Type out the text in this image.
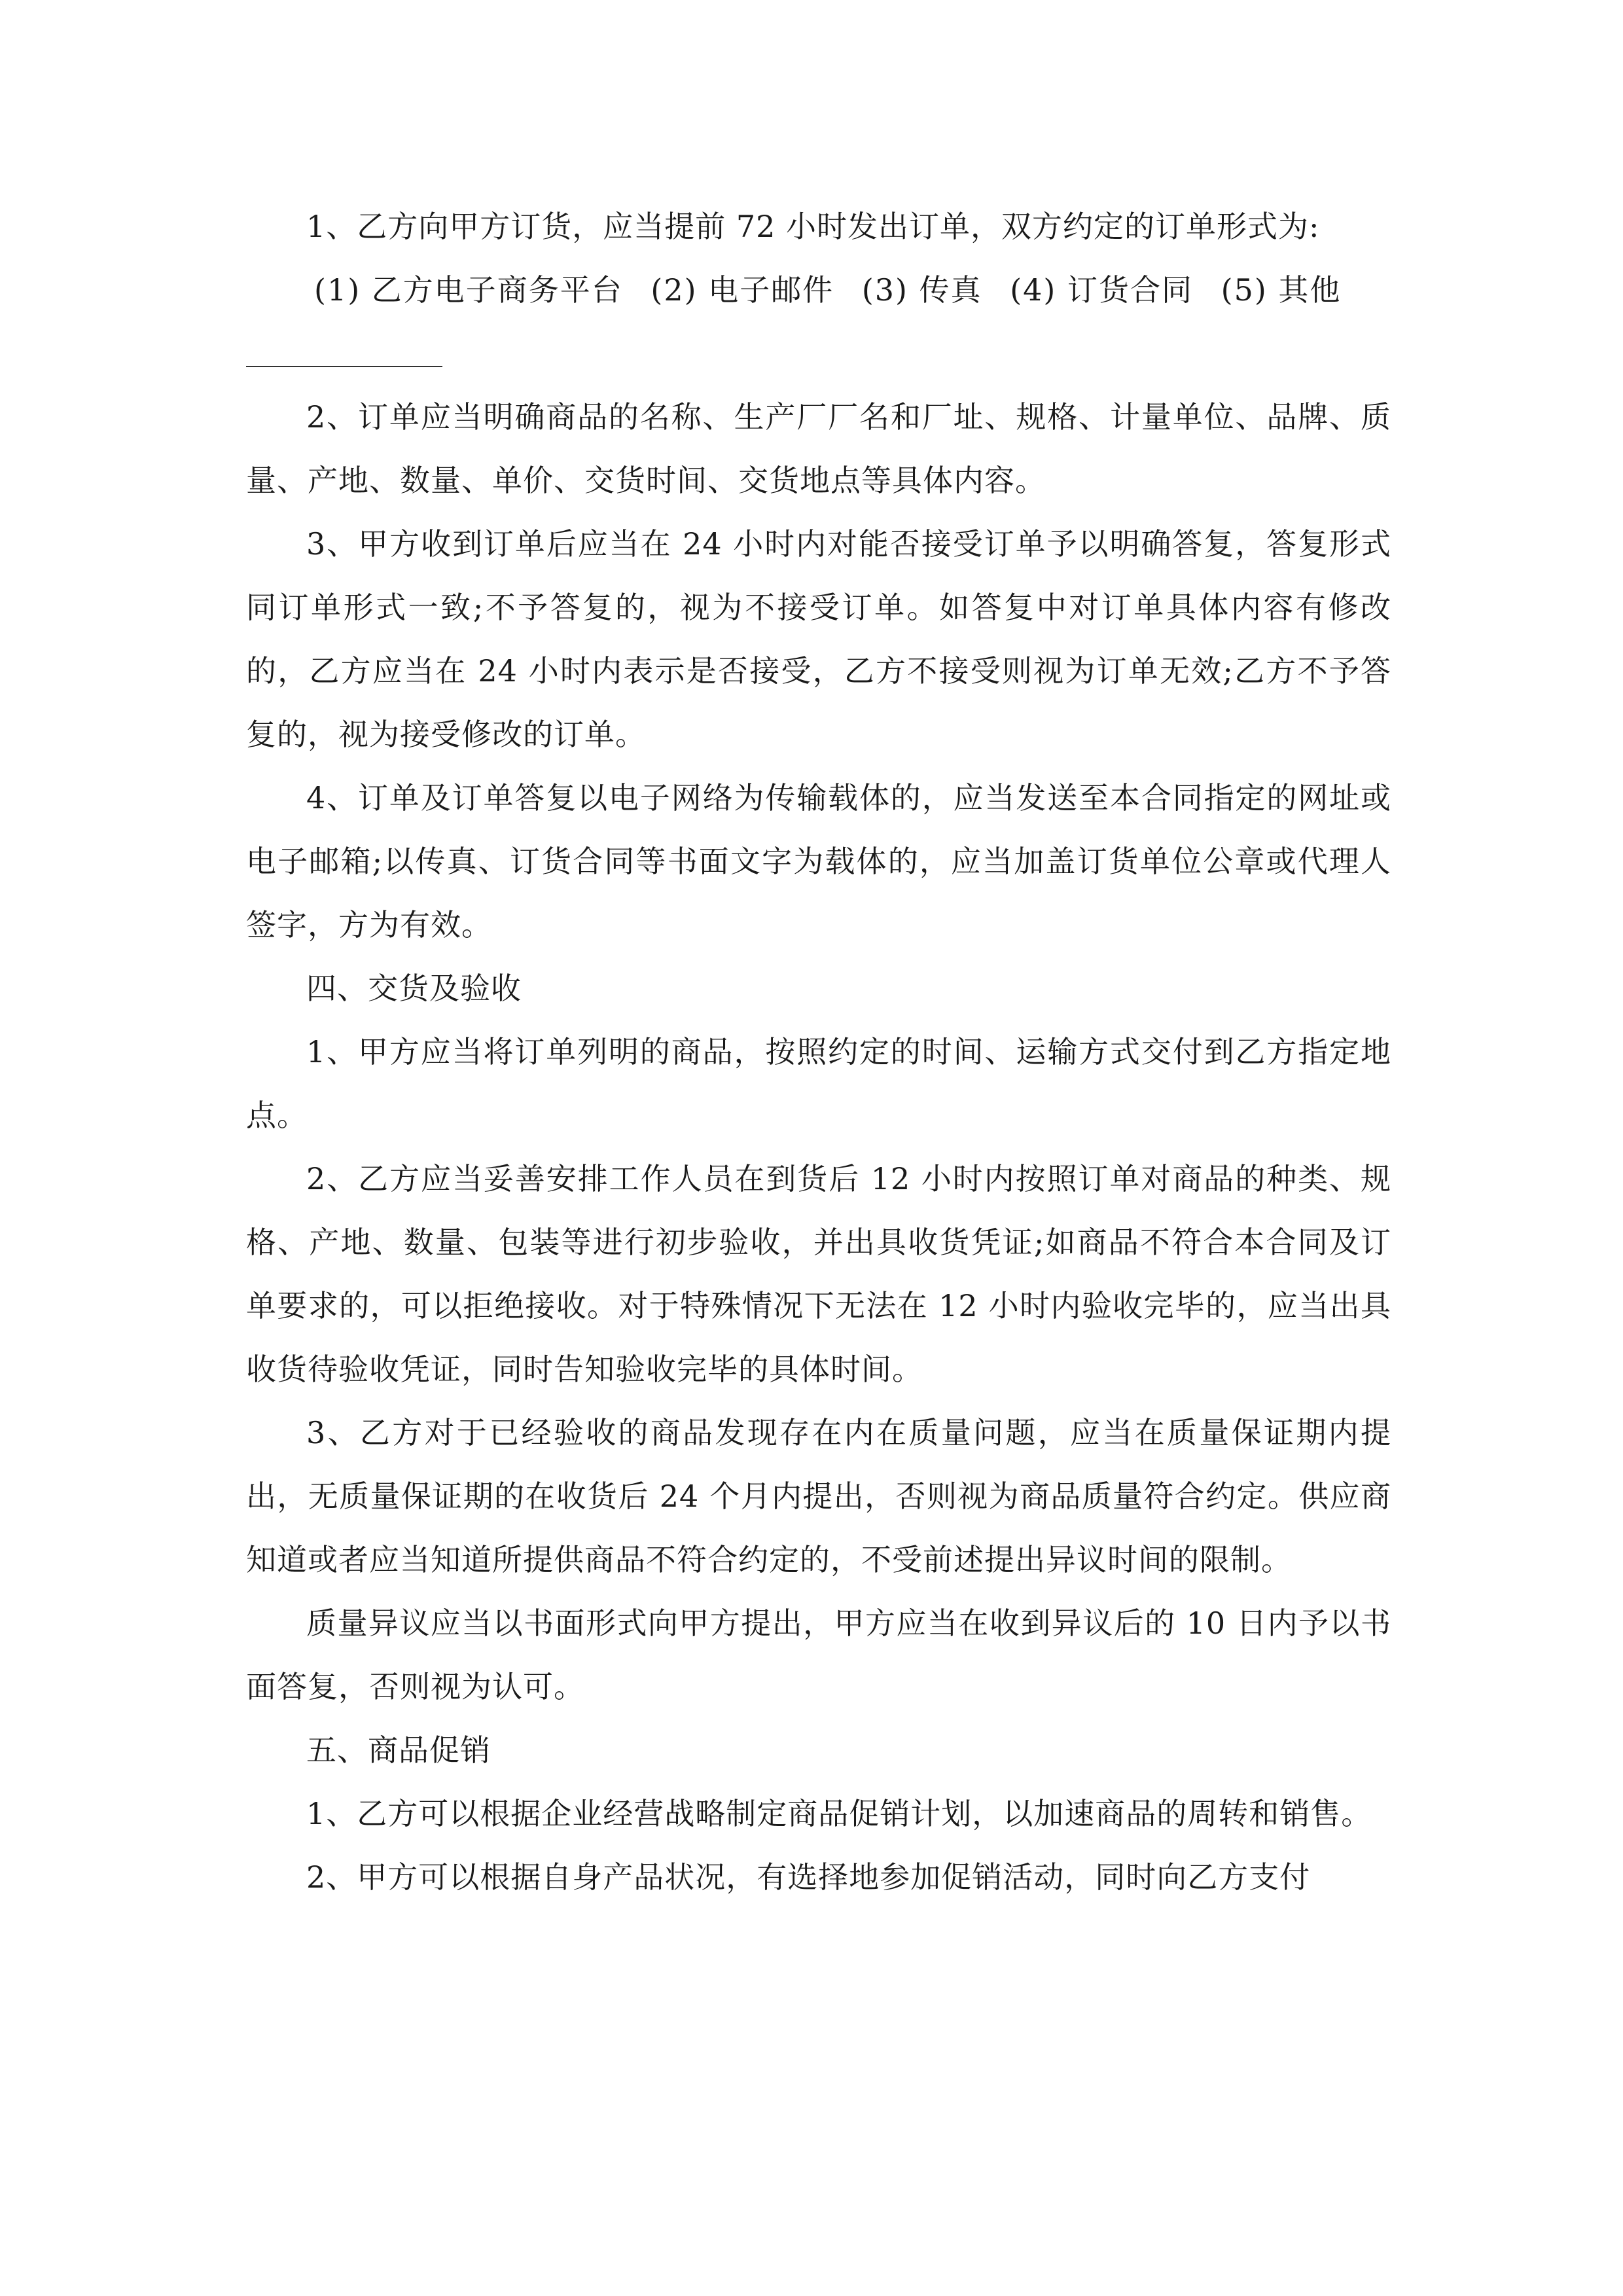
1、乙方向甲方订货，应当提前 72 小时发出订单，双方约定的订单形式为:

(1) 乙方电子商务平台 (2) 电子邮件 (3) 传真 (4) 订货合同 (5) 其他

2、订单应当明确商品的名称、生产厂厂名和厂址、规格、计量单位、品牌、质量、产地、数量、单价、交货时间、交货地点等具体内容。

3、甲方收到订单后应当在 24 小时内对能否接受订单予以明确答复，答复形式同订单形式一致;不予答复的，视为不接受订单。如答复中对订单具体内容有修改的，乙方应当在 24 小时内表示是否接受，乙方不接受则视为订单无效;乙方不予答复的，视为接受修改的订单。

4、订单及订单答复以电子网络为传输载体的，应当发送至本合同指定的网址或电子邮箱;以传真、订货合同等书面文字为载体的，应当加盖订货单位公章或代理人签字，方为有效。

四、交货及验收

1、甲方应当将订单列明的商品，按照约定的时间、运输方式交付到乙方指定地点。

2、乙方应当妥善安排工作人员在到货后 12 小时内按照订单对商品的种类、规格、产地、数量、包装等进行初步验收，并出具收货凭证;如商品不符合本合同及订单要求的，可以拒绝接收。对于特殊情况下无法在 12 小时内验收完毕的，应当出具收货待验收凭证，同时告知验收完毕的具体时间。

3、乙方对于已经验收的商品发现存在内在质量问题，应当在质量保证期内提出，无质量保证期的在收货后 24 个月内提出，否则视为商品质量符合约定。供应商知道或者应当知道所提供商品不符合约定的，不受前述提出异议时间的限制。

质量异议应当以书面形式向甲方提出，甲方应当在收到异议后的 10 日内予以书面答复，否则视为认可。

五、商品促销

1、乙方可以根据企业经营战略制定商品促销计划，以加速商品的周转和销售。

2、甲方可以根据自身产品状况，有选择地参加促销活动，同时向乙方支付
